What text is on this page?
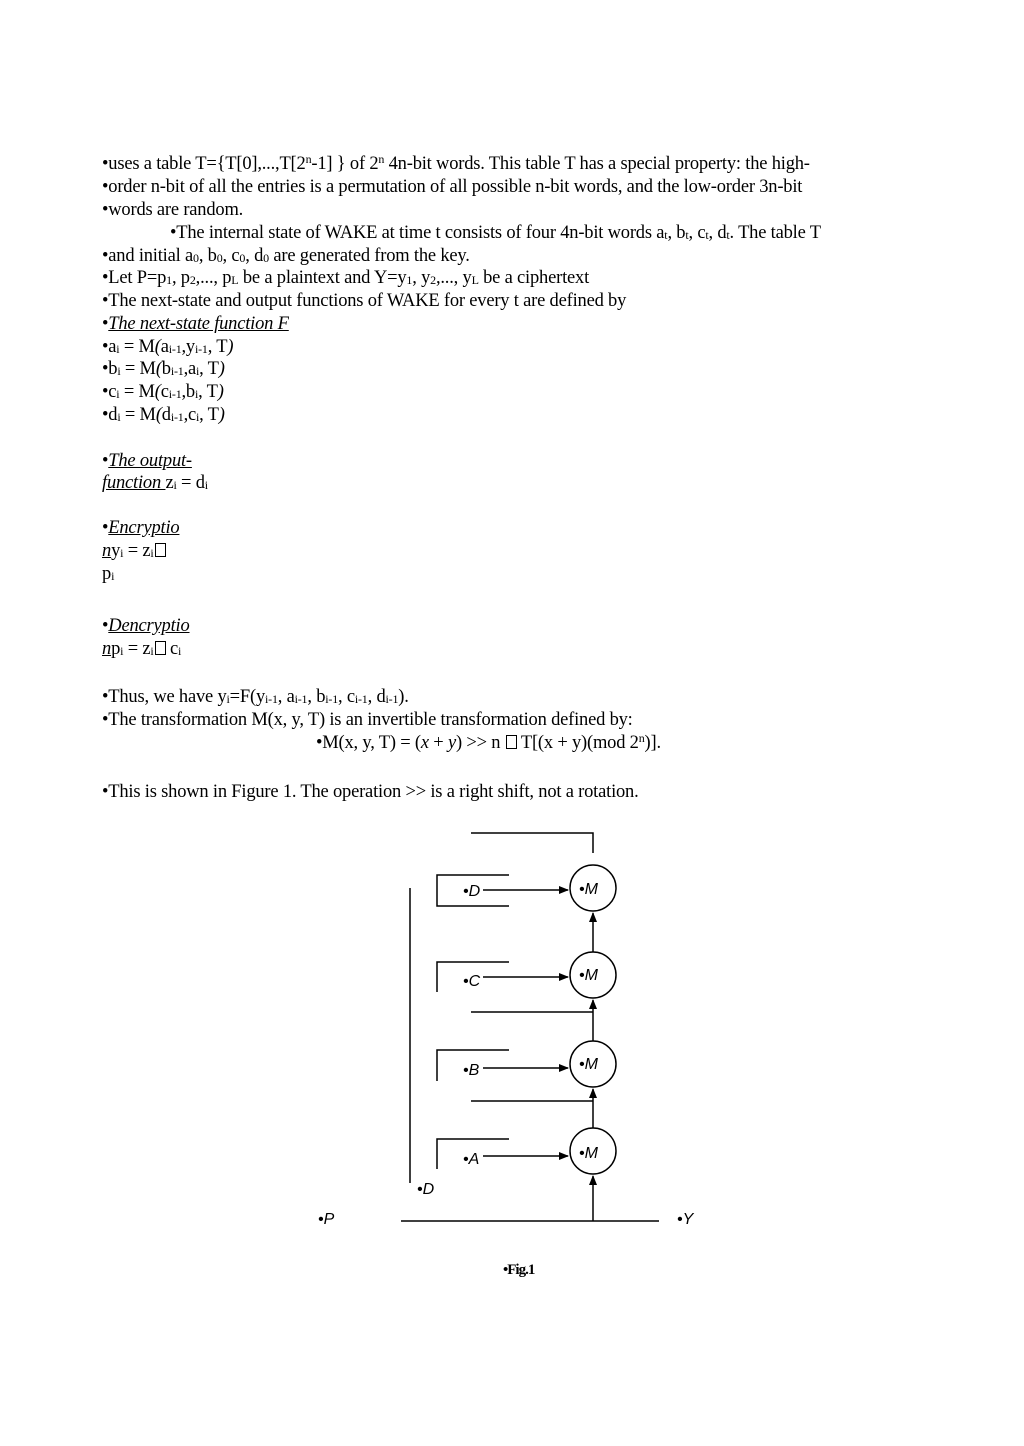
•uses a table $T=\{T[0],...,T[2^n-1]$ } of 2$^n$ 4n-bit words. This table T has a special property: the high-
•order n-bit of all the entries is a permutation of all possible n-bit words, and the low-order 3n-bit
•words are random.
•The internal state of WAKE at time t consists of four 4n-bit words $a_t$, $b_t$, $c_t$, $d_t$. The table T
•and initial $a_0$, $b_0$, $c_0$, $d_0$ are generated from the key.
•Let $P=p_1$, $p_2$,..., $p_L$ be a plaintext and $Y=y_1$, $y_2$,..., $y_L$ be a ciphertext
•The next-state and output functions of WAKE for every t are defined by
•The next-state function F
$•a_i = M(a_{i-1},y_{i-1}$, T)
$•b_i = M(b_{i-1},a_i$, T)
$•c_i = M(c_{i-1},b_i$, T)
$•d_i = M(d_{i-1},c_i$, T)
•The output-
function $z_i = d_i$
•Encryptio
$ny_i = z_i$
$p_i$
•Dencryptio
$np_i = z_i$ $c_i$
•Thus, we have $y_i=F(y_{i-1}$, $a_{i-1}$, $b_{i-1}$, $c_{i-1}$, $d_{i-1}$).
•The transformation M(x, y, T) is an invertible transformation defined by:
•M(x, y, T) = (x + y) >> n  T[(x + y)(mod 2$^n$)].
•This is shown in Figure 1. The operation >> is a right shift, not a rotation.
•D
•C
•B
•A
•M
•M
•M
•M
•D
•P	•Y
•Fig.1
